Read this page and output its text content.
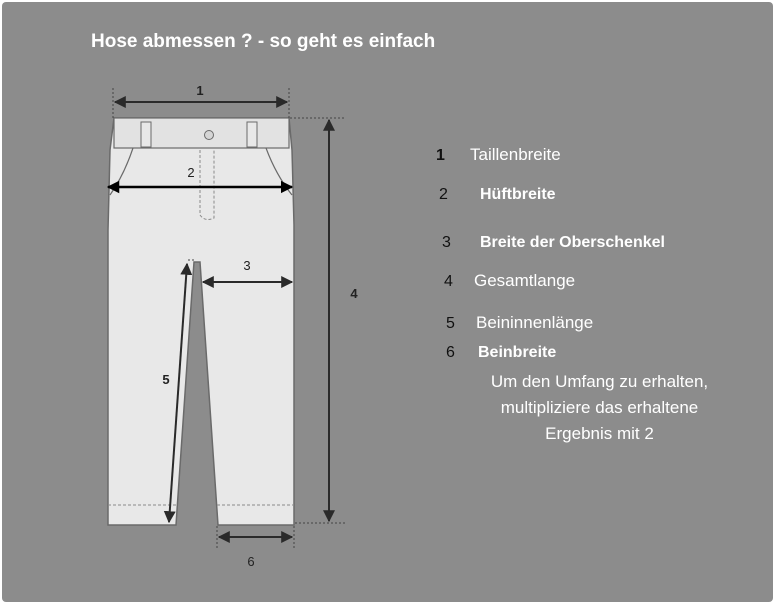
Hose abmessen ? - so geht es einfach
1
2
3
4
5
6
1	Taillenbreite
2	Hüftbreite
3	Breite der Oberschenkel
4	Gesamtlange
5	Beininnenlänge
6	Beinbreite
Um den Umfang zu erhalten,
multipliziere das erhaltene
Ergebnis mit 2
